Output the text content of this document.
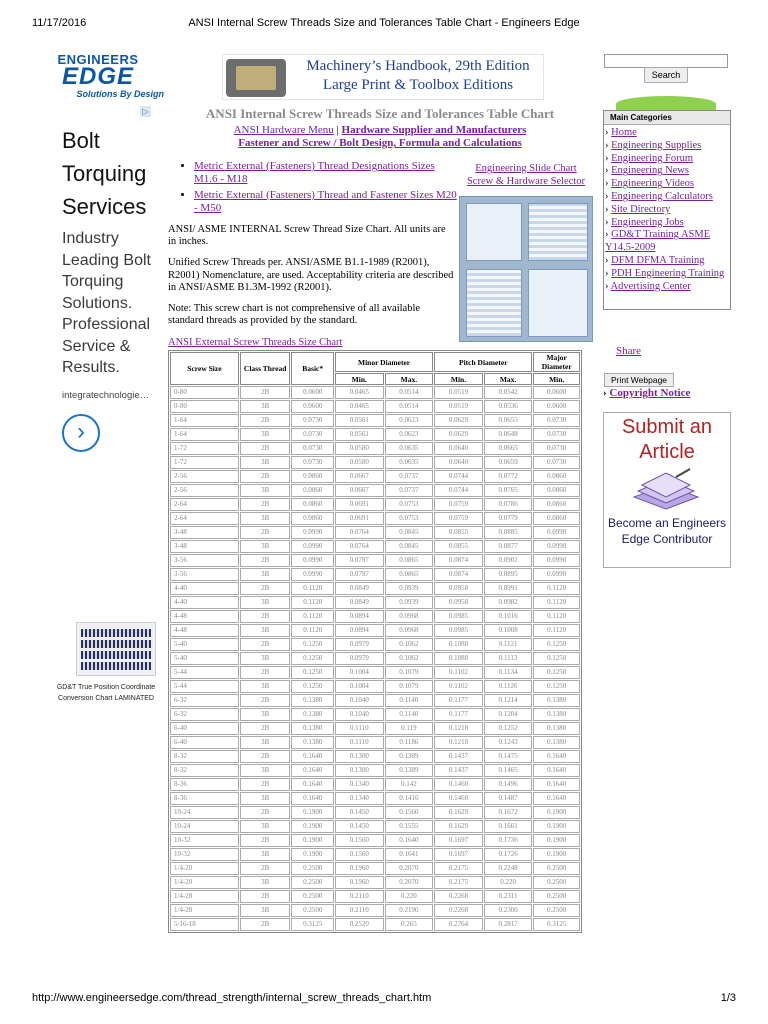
11/17/2016	ANSI Internal Screw Threads Size and Tolerances Table Chart - Engineers Edge
ENGINEERS
EDGE
Solutions By Design
Machinery’s Handbook, 29th Edition
Large Print & Toolbox Editions
▷
Bolt Torquing Services
Industry Leading Bolt Torquing Solutions. Professional Service & Results.
integratechnologie…
›
GD&T True Position Coordinate Conversion Chart LAMINATED
ANSI Internal Screw Threads Size and Tolerances Table Chart
ANSI Hardware Menu | Hardware Supplier and Manufacturers
Fastener and Screw / Bolt Design, Formula and Calculations
• Metric External (Fasteners) Thread Designations Sizes M1.6 - M18
• Metric External (Fasteners) Thread and Fastener Sizes M20 - M50
Engineering Slide Chart
Screw & Hardware Selector

ANSI/ ASME INTERNAL Screw Thread Size Chart. All units are in inches.

Unified Screw Threads per. ANSI/ASME B1.1-1989 (R2001), R2001) Nomenclature, are used. Acceptability criteria are described in ANSI/ASME B1.3M-1992 (R2001).

Note: This screw chart is not comprehensive of all available standard threads as provided by the standard.

ANSI External Screw Threads Size Chart
Screw Size	Class Thread	Basic*	Minor Diameter		Pitch Diameter		Major Diameter
			Min.	Max.	Min.	Max.	Min.
0-80	2B	0.0600	0.0465	0.0514	0.0519	0.0542	0.0600
0-80	3B	0.0600	0.0465	0.0514	0.0519	0.0536	0.0600
1-64	2B	0.0730	0.0561	0.0623	0.0629	0.0655	0.0730
1-64	3B	0.0730	0.0561	0.0623	0.0629	0.0648	0.0730
1-72	2B	0.0730	0.0580	0.0635	0.0640	0.0665	0.0730
1-72	3B	0.0730	0.0580	0.0635	0.0640	0.0659	0.0730
2-56	2B	0.0860	0.0667	0.0737	0.0744	0.0772	0.0860
2-56	3B	0.0860	0.0667	0.0737	0.0744	0.0765	0.0860
2-64	2B	0.0860	0.0691	0.0753	0.0759	0.0786	0.0860
2-64	3B	0.0860	0.0691	0.0753	0.0759	0.0779	0.0860
3-48	2B	0.0990	0.0764	0.0845	0.0855	0.0885	0.0990
3-48	3B	0.0990	0.0764	0.0845	0.0855	0.0877	0.0990
3-56	2B	0.0990	0.0797	0.0865	0.0874	0.0902	0.0990
3-56	3B	0.0990	0.0797	0.0865	0.0874	0.0895	0.0990
4-40	2B	0.1120	0.0849	0.0939	0.0958	0.0991	0.1120
4-40	3B	0.1120	0.0849	0.0939	0.0958	0.0982	0.1120
4-48	2B	0.1120	0.0894	0.0968	0.0985	0.1016	0.1120
4-48	3B	0.1120	0.0894	0.0968	0.0985	0.1008	0.1120
5-40	2B	0.1250	0.0979	0.1062	0.1088	0.1121	0.1250
5-40	3B	0.1250	0.0979	0.1062	0.1088	0.1113	0.1250
5-44	2B	0.1250	0.1004	0.1079	0.1102	0.1134	0.1250
5-44	3B	0.1250	0.1004	0.1079	0.1102	0.1126	0.1250
6-32	2B	0.1380	0.1040	0.1140	0.1177	0.1214	0.1380
6-32	3B	0.1380	0.1040	0.1140	0.1177	0.1204	0.1380
6-40	2B	0.1380	0.1110	0.119	0.1218	0.1252	0.1380
6-40	3B	0.1380	0.1110	0.1186	0.1218	0.1243	0.1380
8-32	2B	0.1640	0.1300	0.1389	0.1437	0.1475	0.1640
8-32	3B	0.1640	0.1300	0.1389	0.1437	0.1465	0.1640
8-36	2B	0.1640	0.1340	0.142	0.1460	0.1496	0.1640
8-36	3B	0.1640	0.1340	0.1416	0.1460	0.1487	0.1640
10-24	2B	0.1900	0.1450	0.1560	0.1629	0.1672	0.1900
10-24	3B	0.1900	0.1450	0.1555	0.1629	0.1661	0.1900
10-32	2B	0.1900	0.1560	0.1640	0.1697	0.1736	0.1900
10-32	3B	0.1900	0.1560	0.1641	0.1697	0.1726	0.1900
1/4-20	2B	0.2500	0.1960	0.2070	0.2175	0.2248	0.2500
1/4-20	3B	0.2500	0.1960	0.2070	0.2175	0.220	0.2500
1/4-28	2B	0.2500	0.2110	0.220	0.2268	0.2311	0.2500
1/4-28	3B	0.2500	0.2110	0.2190	0.2268	0.2300	0.2500
5/16-18	2B	0.3125	0.2520	0.265	0.2764	0.2817	0.3125
Search
Main Categories
› Home
› Engineering Supplies
› Engineering Forum
› Engineering News
› Engineering Videos
› Engineering Calculators
› Site Directory
› Engineering Jobs
› GD&T Training ASME Y14.5-2009
› DFM DFMA Training
› PDH Engineering Training
› Advertising Center
Share
Print Webpage
› Copyright Notice
Submit an Article
Become an Engineers Edge Contributor
http://www.engineersedge.com/thread_strength/internal_screw_threads_chart.htm	1/3
